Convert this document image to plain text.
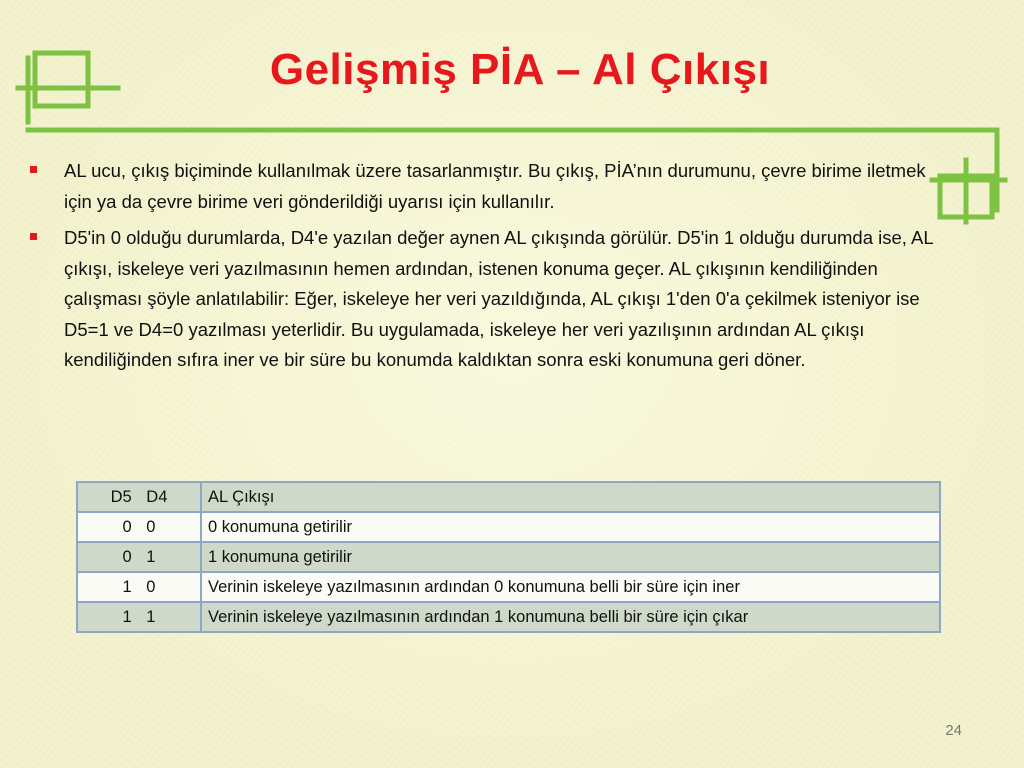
Gelişmiş PİA – Al Çıkışı
AL ucu, çıkış biçiminde kullanılmak üzere tasarlanmıştır. Bu çıkış, PİA’nın durumunu, çevre birime iletmek için ya da çevre birime veri gönderildiği uyarısı için kullanılır.
D5'in 0 olduğu durumlarda, D4'e yazılan değer aynen AL çıkışında görülür. D5'in 1 olduğu durumda ise, AL çıkışı, iskeleye veri yazılmasının hemen ardından, istenen konuma geçer. AL çıkışının kendiliğinden çalışması şöyle anlatılabilir: Eğer, iskeleye her veri yazıldığında, AL çıkışı 1'den 0'a çekilmek isteniyor ise D5=1 ve D4=0 yazılması yeterlidir. Bu uygulamada, iskeleye her veri yazılışının ardından AL çıkışı kendiliğinden sıfıra iner ve bir süre bu konumda kaldıktan sonra eski konumuna geri döner.
D5 D4	AL Çıkışı
0 0	0 konumuna getirilir
0 1	1 konumuna getirilir
1 0	Verinin iskeleye yazılmasının ardından 0 konumuna belli bir süre için iner
1 1	Verinin iskeleye yazılmasının ardından 1 konumuna belli bir süre için çıkar
24
